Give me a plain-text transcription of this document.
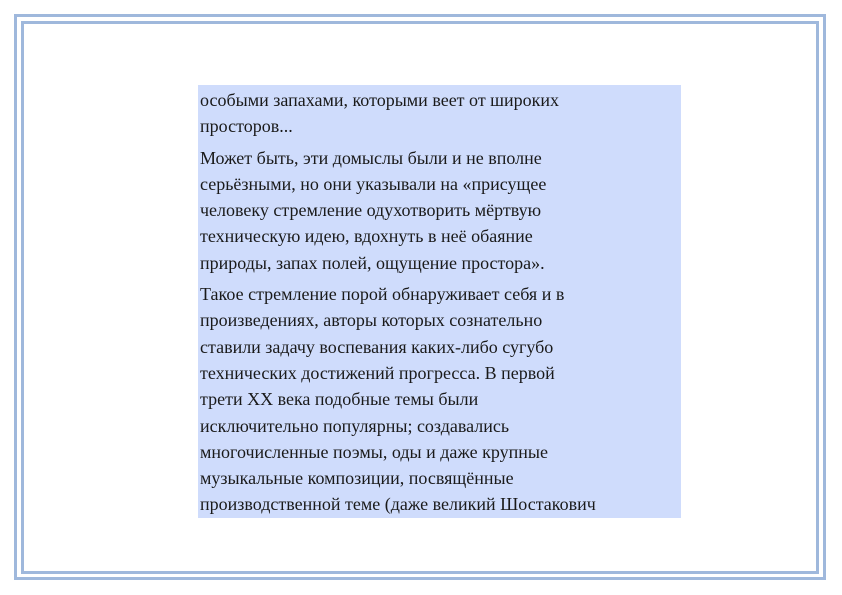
особыми запахами, которыми веет от широких
просторов...

Может быть, эти домыслы были и не вполне
серьёзными, но они указывали на «присущее
человеку стремление одухотворить мёртвую
техническую идею, вдохнуть в неё обаяние
природы, запах полей, ощущение простора».

Такое стремление порой обнаруживает себя и в
произведениях, авторы которых сознательно
ставили задачу воспевания каких-либо сугубо
технических достижений прогресса. В первой
трети XX века подобные темы были
исключительно популярны; создавались
многочисленные поэмы, оды и даже крупные
музыкальные композиции, посвящённые
производственной теме (даже великий Шостакович
